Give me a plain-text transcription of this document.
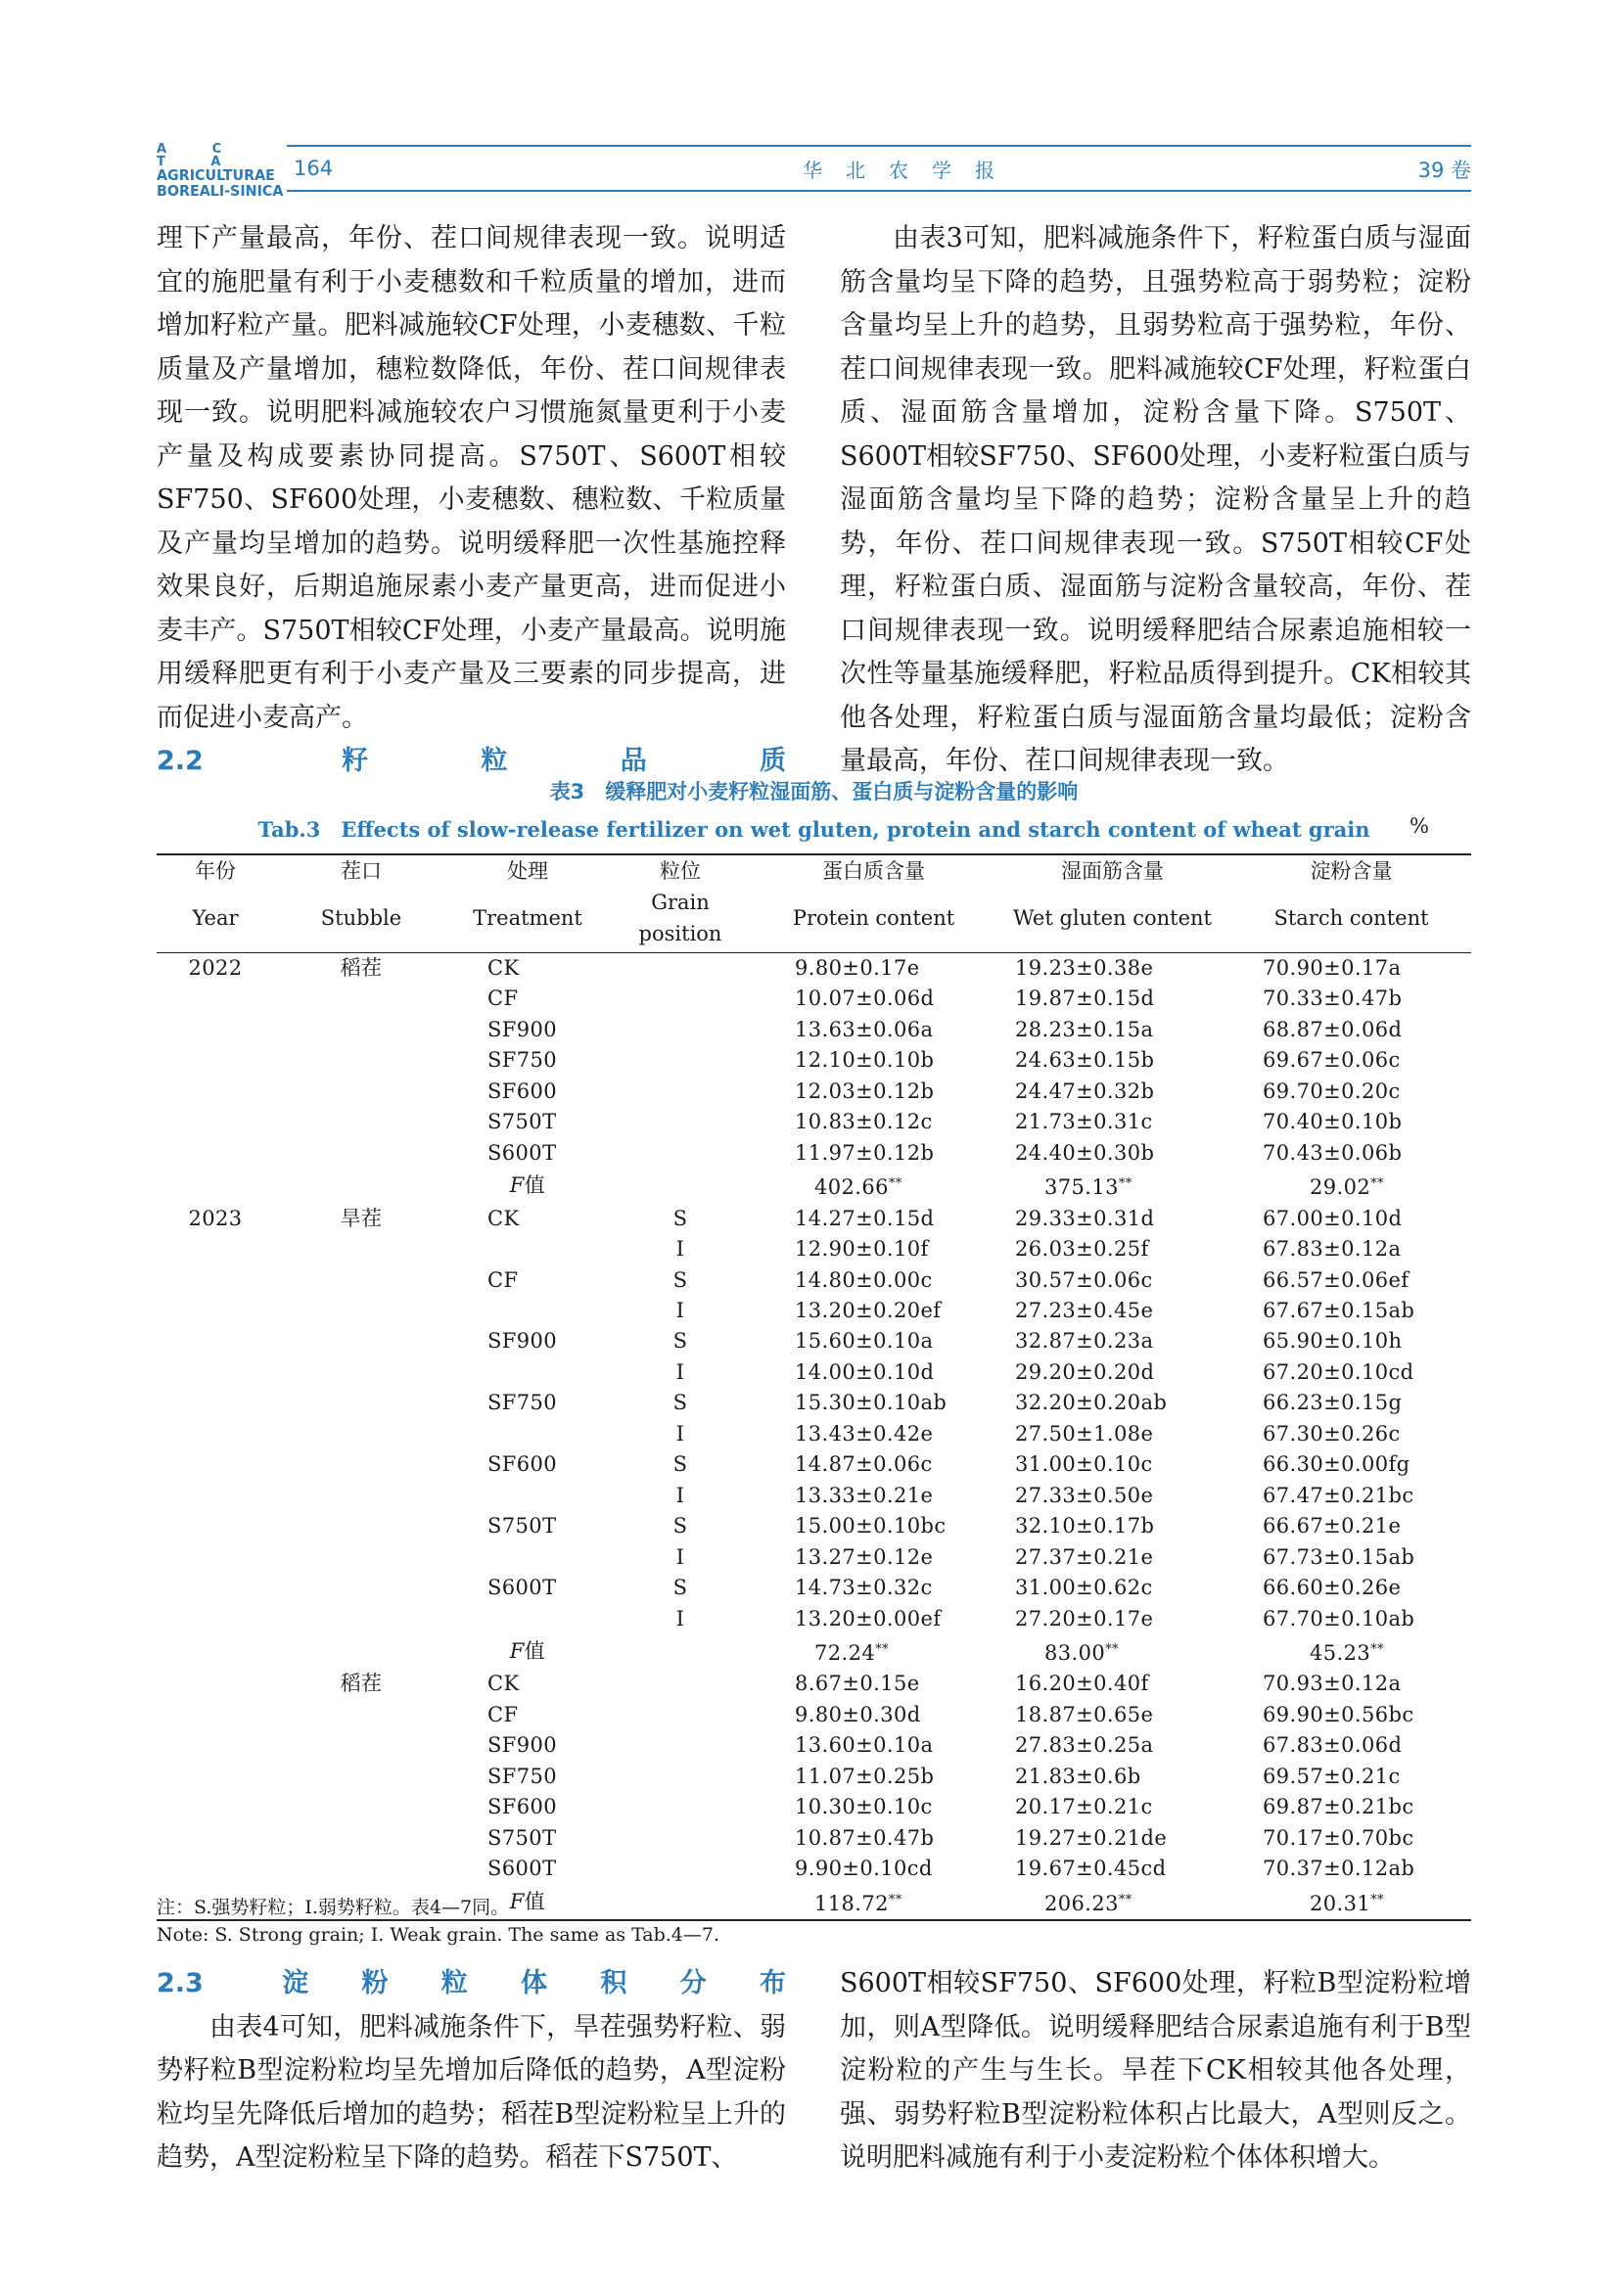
A C T A
AGRICULTURAE
BOREALI-SINICA
164	华北农学报	39 卷

理下产量最高，年份、茬口间规律表现一致。说明适宜的施肥量有利于小麦穗数和千粒质量的增加，进而增加籽粒产量。肥料减施较CF处理，小麦穗数、千粒质量及产量增加，穗粒数降低，年份、茬口间规律表现一致。说明肥料减施较农户习惯施氮量更利于小麦产量及构成要素协同提高。S750T、S600T相较SF750、SF600处理，小麦穗数、穗粒数、千粒质量及产量均呈增加的趋势。说明缓释肥一次性基施控释效果良好，后期追施尿素小麦产量更高，进而促进小麦丰产。S750T相较CF处理，小麦产量最高。说明施用缓释肥更有利于小麦产量及三要素的同步提高，进而促进小麦高产。

2.2 籽粒品质

由表3可知，肥料减施条件下，籽粒蛋白质与湿面筋含量均呈下降的趋势，且强势粒高于弱势粒；淀粉含量均呈上升的趋势，且弱势粒高于强势粒，年份、茬口间规律表现一致。肥料减施较CF处理，籽粒蛋白质、湿面筋含量增加，淀粉含量下降。S750T、S600T相较SF750、SF600处理，小麦籽粒蛋白质与湿面筋含量均呈下降的趋势；淀粉含量呈上升的趋势，年份、茬口间规律表现一致。S750T相较CF处理，籽粒蛋白质、湿面筋与淀粉含量较高，年份、茬口间规律表现一致。说明缓释肥结合尿素追施相较一次性等量基施缓释肥，籽粒品质得到提升。CK相较其他各处理，籽粒蛋白质与湿面筋含量均最低；淀粉含量最高，年份、茬口间规律表现一致。

表3　缓释肥对小麦籽粒湿面筋、蛋白质与淀粉含量的影响
Tab.3　Effects of slow-release fertilizer on wet gluten, protein and starch content of wheat grain	%
年份	茬口	处理	粒位	蛋白质含量	湿面筋含量	淀粉含量
Year	Stubble	Treatment	Grain position	Protein content	Wet gluten content	Starch content
2022	稻茬	CK		9.80±0.17e	19.23±0.38e	70.90±0.17a
		CF		10.07±0.06d	19.87±0.15d	70.33±0.47b
		SF900		13.63±0.06a	28.23±0.15a	68.87±0.06d
		SF750		12.10±0.10b	24.63±0.15b	69.67±0.06c
		SF600		12.03±0.12b	24.47±0.32b	69.70±0.20c
		S750T		10.83±0.12c	21.73±0.31c	70.40±0.10b
		S600T		11.97±0.12b	24.40±0.30b	70.43±0.06b
		F值		402.66**	375.13**	29.02**
2023	旱茬	CK	S	14.27±0.15d	29.33±0.31d	67.00±0.10d
			I	12.90±0.10f	26.03±0.25f	67.83±0.12a
		CF	S	14.80±0.00c	30.57±0.06c	66.57±0.06ef
			I	13.20±0.20ef	27.23±0.45e	67.67±0.15ab
		SF900	S	15.60±0.10a	32.87±0.23a	65.90±0.10h
			I	14.00±0.10d	29.20±0.20d	67.20±0.10cd
		SF750	S	15.30±0.10ab	32.20±0.20ab	66.23±0.15g
			I	13.43±0.42e	27.50±1.08e	67.30±0.26c
		SF600	S	14.87±0.06c	31.00±0.10c	66.30±0.00fg
			I	13.33±0.21e	27.33±0.50e	67.47±0.21bc
		S750T	S	15.00±0.10bc	32.10±0.17b	66.67±0.21e
			I	13.27±0.12e	27.37±0.21e	67.73±0.15ab
		S600T	S	14.73±0.32c	31.00±0.62c	66.60±0.26e
			I	13.20±0.00ef	27.20±0.17e	67.70±0.10ab
		F值		72.24**	83.00**	45.23**
	稻茬	CK		8.67±0.15e	16.20±0.40f	70.93±0.12a
		CF		9.80±0.30d	18.87±0.65e	69.90±0.56bc
		SF900		13.60±0.10a	27.83±0.25a	67.83±0.06d
		SF750		11.07±0.25b	21.83±0.6b	69.57±0.21c
		SF600		10.30±0.10c	20.17±0.21c	69.87±0.21bc
		S750T		10.87±0.47b	19.27±0.21de	70.17±0.70bc
		S600T		9.90±0.10cd	19.67±0.45cd	70.37±0.12ab
		F值		118.72**	206.23**	20.31**
注：S.强势籽粒；I.弱势籽粒。表4—7同。
Note: S. Strong grain; I. Weak grain. The same as Tab.4—7.
2.3 淀粉粒体积分布

由表4可知，肥料减施条件下，旱茬强势籽粒、弱势籽粒B型淀粉粒均呈先增加后降低的趋势，A型淀粉粒均呈先降低后增加的趋势；稻茬B型淀粉粒呈上升的趋势，A型淀粉粒呈下降的趋势。稻茬下S750T、

S600T相较SF750、SF600处理，籽粒B型淀粉粒增加，则A型降低。说明缓释肥结合尿素追施有利于B型淀粉粒的产生与生长。旱茬下CK相较其他各处理，强、弱势籽粒B型淀粉粒体积占比最大，A型则反之。说明肥料减施有利于小麦淀粉粒个体体积增大。
